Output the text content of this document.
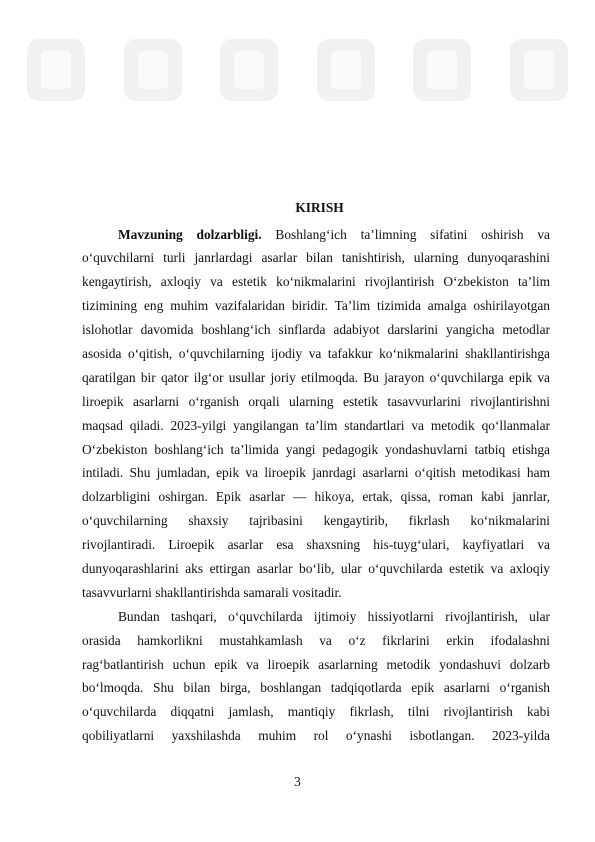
KIRISH
Mavzuning dolzarbligi. Boshlang‘ich ta’limning sifatini oshirish va
o‘quvchilarni turli janrlardagi asarlar bilan tanishtirish, ularning dunyoqarashini
kengaytirish, axloqiy va estetik ko‘nikmalarini rivojlantirish O‘zbekiston ta’lim
tizimining eng muhim vazifalaridan biridir. Ta’lim tizimida amalga oshirilayotgan
islohotlar davomida boshlang‘ich sinflarda adabiyot darslarini yangicha metodlar
asosida o‘qitish, o‘quvchilarning ijodiy va tafakkur ko‘nikmalarini shakllantirishga
qaratilgan bir qator ilg‘or usullar joriy etilmoqda. Bu jarayon o‘quvchilarga epik va
liroepik asarlarni o‘rganish orqali ularning estetik tasavvurlarini rivojlantirishni
maqsad qiladi. 2023-yilgi yangilangan ta’lim standartlari va metodik qo‘llanmalar
O‘zbekiston boshlang‘ich ta’limida yangi pedagogik yondashuvlarni tatbiq etishga
intiladi. Shu jumladan, epik va liroepik janrdagi asarlarni o‘qitish metodikasi ham
dolzarbligini oshirgan. Epik asarlar — hikoya, ertak, qissa, roman kabi janrlar,
o‘quvchilarning shaxsiy tajribasini kengaytirib, fikrlash ko‘nikmalarini
rivojlantiradi. Liroepik asarlar esa shaxsning his-tuyg‘ulari, kayfiyatlari va
dunyoqarashlarini aks ettirgan asarlar bo‘lib, ular o‘quvchilarda estetik va axloqiy
tasavvurlarni shakllantirishda samarali vositadir.
Bundan tashqari, o‘quvchilarda ijtimoiy hissiyotlarni rivojlantirish, ular
orasida hamkorlikni mustahkamlash va o‘z fikrlarini erkin ifodalashni
rag‘batlantirish uchun epik va liroepik asarlarning metodik yondashuvi dolzarb
bo‘lmoqda. Shu bilan birga, boshlangan tadqiqotlarda epik asarlarni o‘rganish
o‘quvchilarda diqqatni jamlash, mantiqiy fikrlash, tilni rivojlantirish kabi
qobiliyatlarni yaxshilashda muhim rol o‘ynashi isbotlangan. 2023-yilda
3
